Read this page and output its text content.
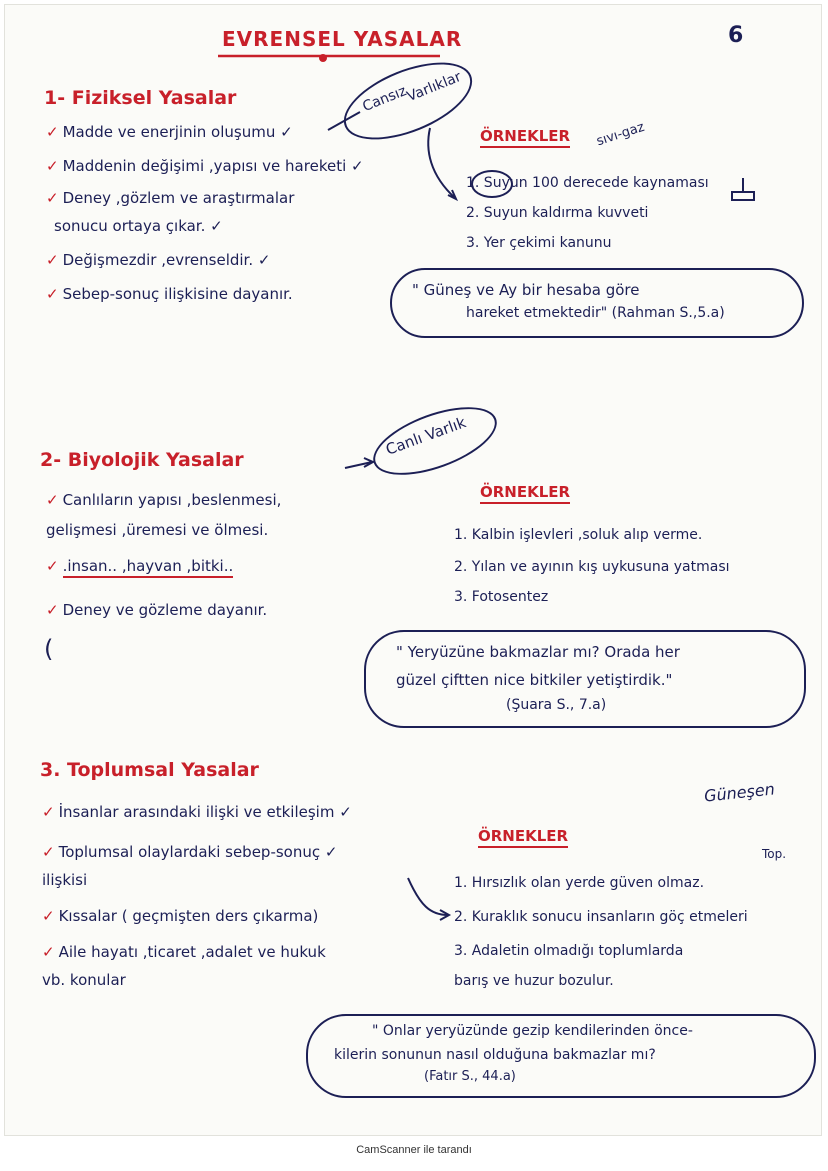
EVRENSEL YASALAR	6
1- Fiziksel Yasalar	Cansız
Varlıklar
✓ Madde ve enerjinin oluşumu ✓
✓ Maddenin değişimi ,yapısı ve hareketi ✓
✓ Deney ,gözlem ve araştırmalar
sonucu ortaya çıkar. ✓
✓ Değişmezdir ,evrenseldir. ✓
✓ Sebep-sonuç ilişkisine dayanır.
ÖRNEKLER sıvı-gaz
1. Suyun 100 derecede kaynaması
2. Suyun kaldırma kuvveti
3. Yer çekimi kanunu
" Güneş ve Ay bir hesaba göre
hareket etmektedir" (Rahman S.,5.a)
Canlı Varlık
2- Biyolojik Yasalar
✓ Canlıların yapısı ,beslenmesi,
gelişmesi ,üremesi ve ölmesi.
✓ .insan.. ,hayvan ,bitki..
✓ Deney ve gözleme dayanır.
(
ÖRNEKLER
1. Kalbin işlevleri ,soluk alıp verme.
2. Yılan ve ayının kış uykusuna yatması
3. Fotosentez
" Yeryüzüne bakmazlar mı? Orada her
güzel çiftten nice bitkiler yetiştirdik."
(Şuara S., 7.a)
3. Toplumsal Yasalar
Güneşen
✓ İnsanlar arasındaki ilişki ve etkileşim ✓
✓ Toplumsal olaylardaki sebep-sonuç ✓
ilişkisi
✓ Kıssalar ( geçmişten ders çıkarma)
✓ Aile hayatı ,ticaret ,adalet ve hukuk
vb. konular
ÖRNEKLER
Top.
1. Hırsızlık olan yerde güven olmaz.
2. Kuraklık sonucu insanların göç etmeleri
3. Adaletin olmadığı toplumlarda
barış ve huzur bozulur.
" Onlar yeryüzünde gezip kendilerinden önce-
kilerin sonunun nasıl olduğuna bakmazlar mı?
(Fatır S., 44.a)
CamScanner ile tarandı
